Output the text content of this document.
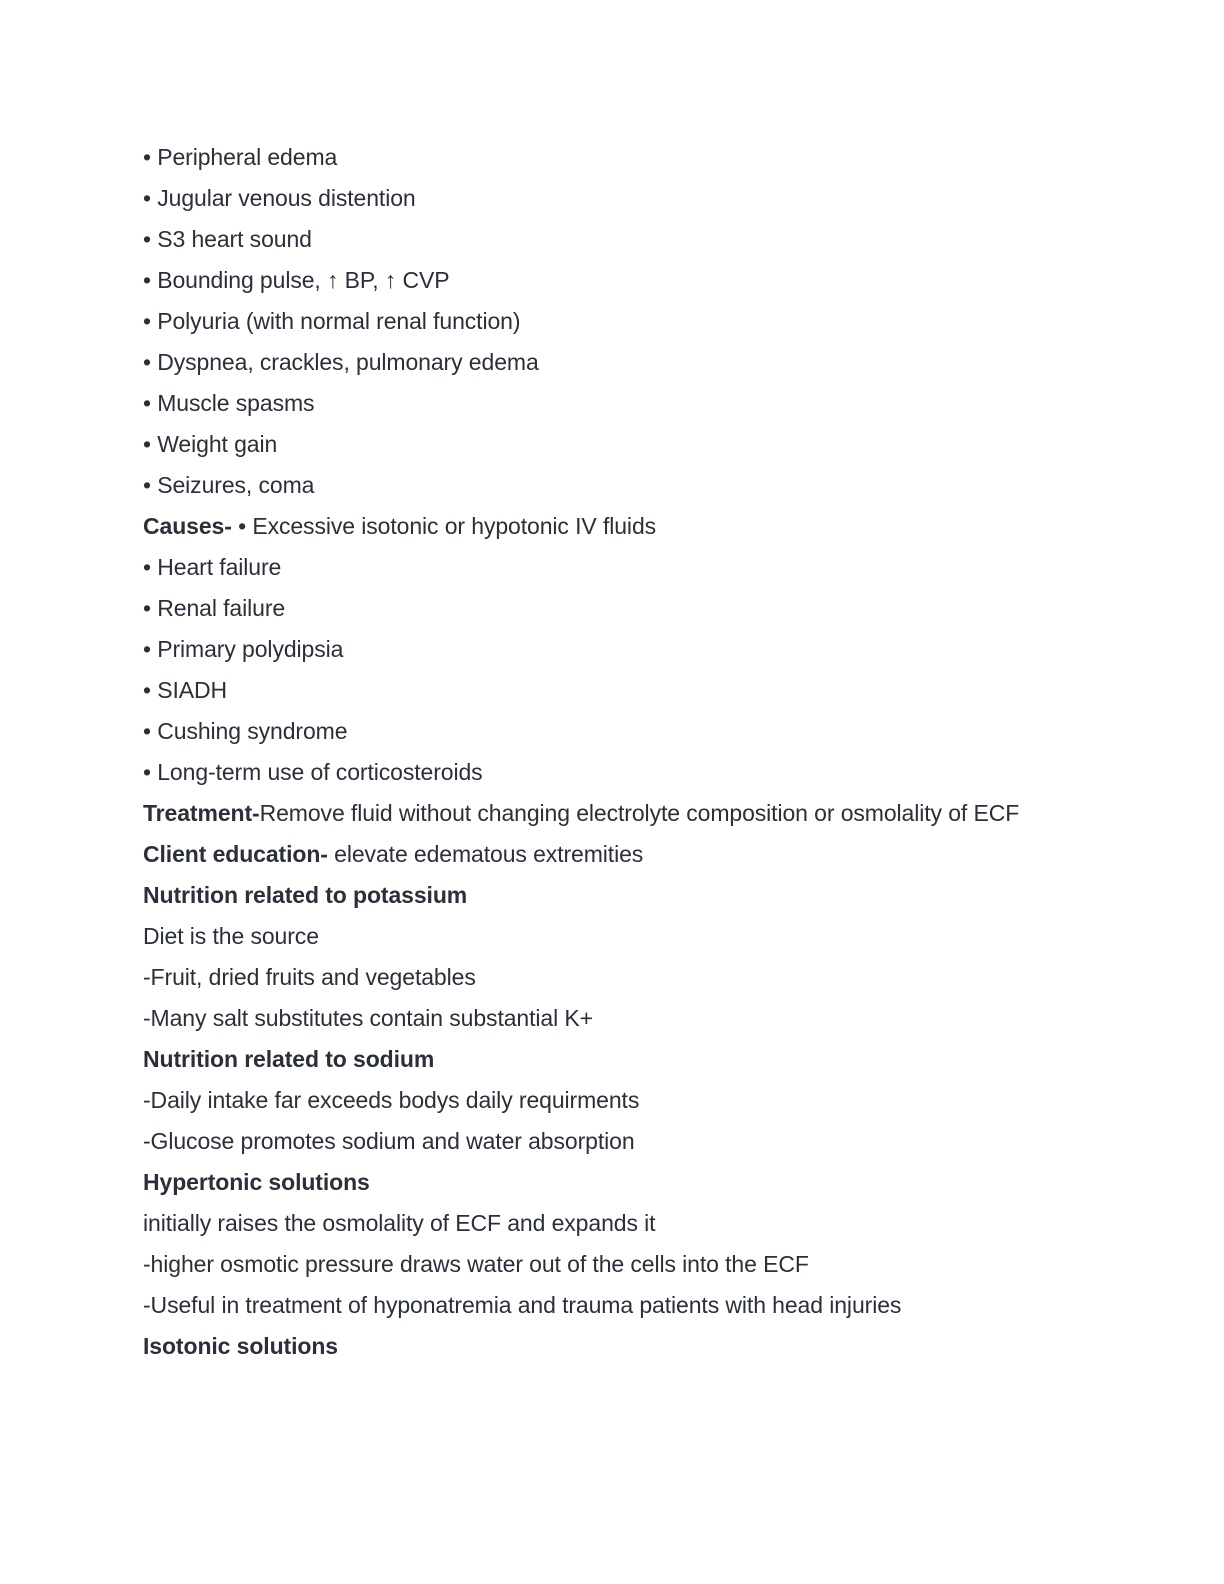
• Peripheral edema
• Jugular venous distention
• S3 heart sound
• Bounding pulse, ↑ BP, ↑ CVP
• Polyuria (with normal renal function)
• Dyspnea, crackles, pulmonary edema
• Muscle spasms
• Weight gain
• Seizures, coma
Causes- • Excessive isotonic or hypotonic IV fluids
• Heart failure
• Renal failure
• Primary polydipsia
• SIADH
• Cushing syndrome
• Long-term use of corticosteroids
Treatment-Remove fluid without changing electrolyte composition or osmolality of ECF
Client education- elevate edematous extremities
Nutrition related to potassium
Diet is the source
-Fruit, dried fruits and vegetables
-Many salt substitutes contain substantial K+
Nutrition related to sodium
-Daily intake far exceeds bodys daily requirments
-Glucose promotes sodium and water absorption
Hypertonic solutions
initially raises the osmolality of ECF and expands it
-higher osmotic pressure draws water out of the cells into the ECF
-Useful in treatment of hyponatremia and trauma patients with head injuries
Isotonic solutions
